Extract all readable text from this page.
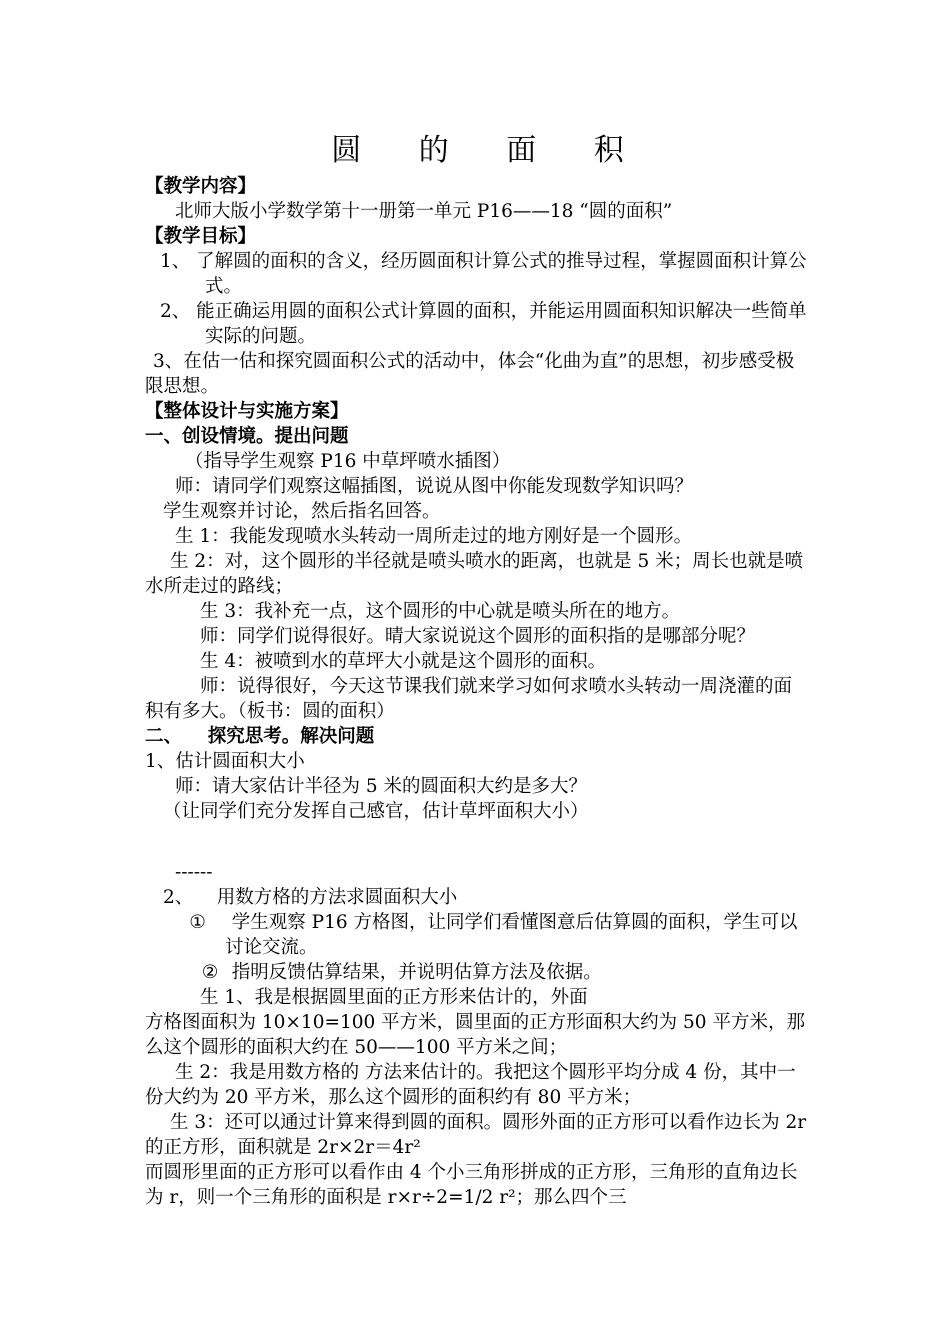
圆 的 面 积
【教学内容】
北师大版小学数学第十一册第一单元 P16——18 “圆的面积”
【教学目标】
1、 了解圆的面积的含义，经历圆面积计算公式的推导过程，掌握圆面积计算公式。
2、 能正确运用圆的面积公式计算圆的面积，并能运用圆面积知识解决一些简单实际的问题。
3、在估一估和探究圆面积公式的活动中，体会“化曲为直”的思想，初步感受极限思想。
【整体设计与实施方案】
一、创设情境。提出问题
（指导学生观察 P16 中草坪喷水插图）
师：请同学们观察这幅插图，说说从图中你能发现数学知识吗？
学生观察并讨论，然后指名回答。
生 1：我能发现喷水头转动一周所走过的地方刚好是一个圆形。
生 2：对，这个圆形的半径就是喷头喷水的距离，也就是 5 米；周长也就是喷水所走过的路线；
生 3：我补充一点，这个圆形的中心就是喷头所在的地方。
师：同学们说得很好。晴大家说说这个圆形的面积指的是哪部分呢？
生 4：被喷到水的草坪大小就是这个圆形的面积。
师：说得很好，今天这节课我们就来学习如何求喷水头转动一周浇灌的面积有多大。（板书：圆的面积）
二、    探究思考。解决问题
1、估计圆面积大小
师：请大家估计半径为 5 米的圆面积大约是多大？
（让同学们充分发挥自己感官，估计草坪面积大小）
------
2、    用数方格的方法求圆面积大小
① 学生观察 P16 方格图，让同学们看懂图意后估算圆的面积，学生可以讨论交流。
② 指明反馈估算结果，并说明估算方法及依据。
生 1、我是根据圆里面的正方形来估计的，外面
方格图面积为 10×10=100 平方米，圆里面的正方形面积大约为 50 平方米，那么这个圆形的面积大约在 50——100 平方米之间；
生 2：我是用数方格的 方法来估计的。我把这个圆形平均分成 4 份，其中一份大约为 20 平方米，那么这个圆形的面积约有 80 平方米；
生 3：还可以通过计算来得到圆的面积。圆形外面的正方形可以看作边长为 2r 的正方形，面积就是 2r×2r＝4r²
而圆形里面的正方形可以看作由 4 个小三角形拼成的正方形，三角形的直角边长为 r，则一个三角形的面积是 r×r÷2=1/2 r²；那么四个三
